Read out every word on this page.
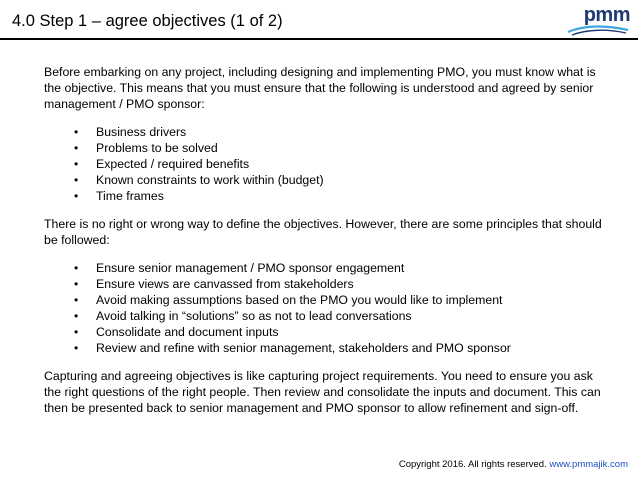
4.0 Step 1 – agree objectives (1 of 2)	pmm

Before embarking on any project, including designing and implementing PMO, you must know what is the objective. This means that you must ensure that the following is understood and agreed by senior management / PMO sponsor:

• Business drivers
• Problems to be solved
• Expected / required benefits
• Known constraints to work within (budget)
• Time frames

There is no right or wrong way to define the objectives. However, there are some principles that should be followed:

• Ensure senior management / PMO sponsor engagement
• Ensure views are canvassed from stakeholders
• Avoid making assumptions based on the PMO you would like to implement
• Avoid talking in “solutions” so as not to lead conversations
• Consolidate and document inputs
• Review and refine with senior management, stakeholders and PMO sponsor

Capturing and agreeing objectives is like capturing project requirements. You need to ensure you ask the right questions of the right people. Then review and consolidate the inputs and document. This can then be presented back to senior management and PMO sponsor to allow refinement and sign-off.

Copyright 2016. All rights reserved. www.pmmajik.com
